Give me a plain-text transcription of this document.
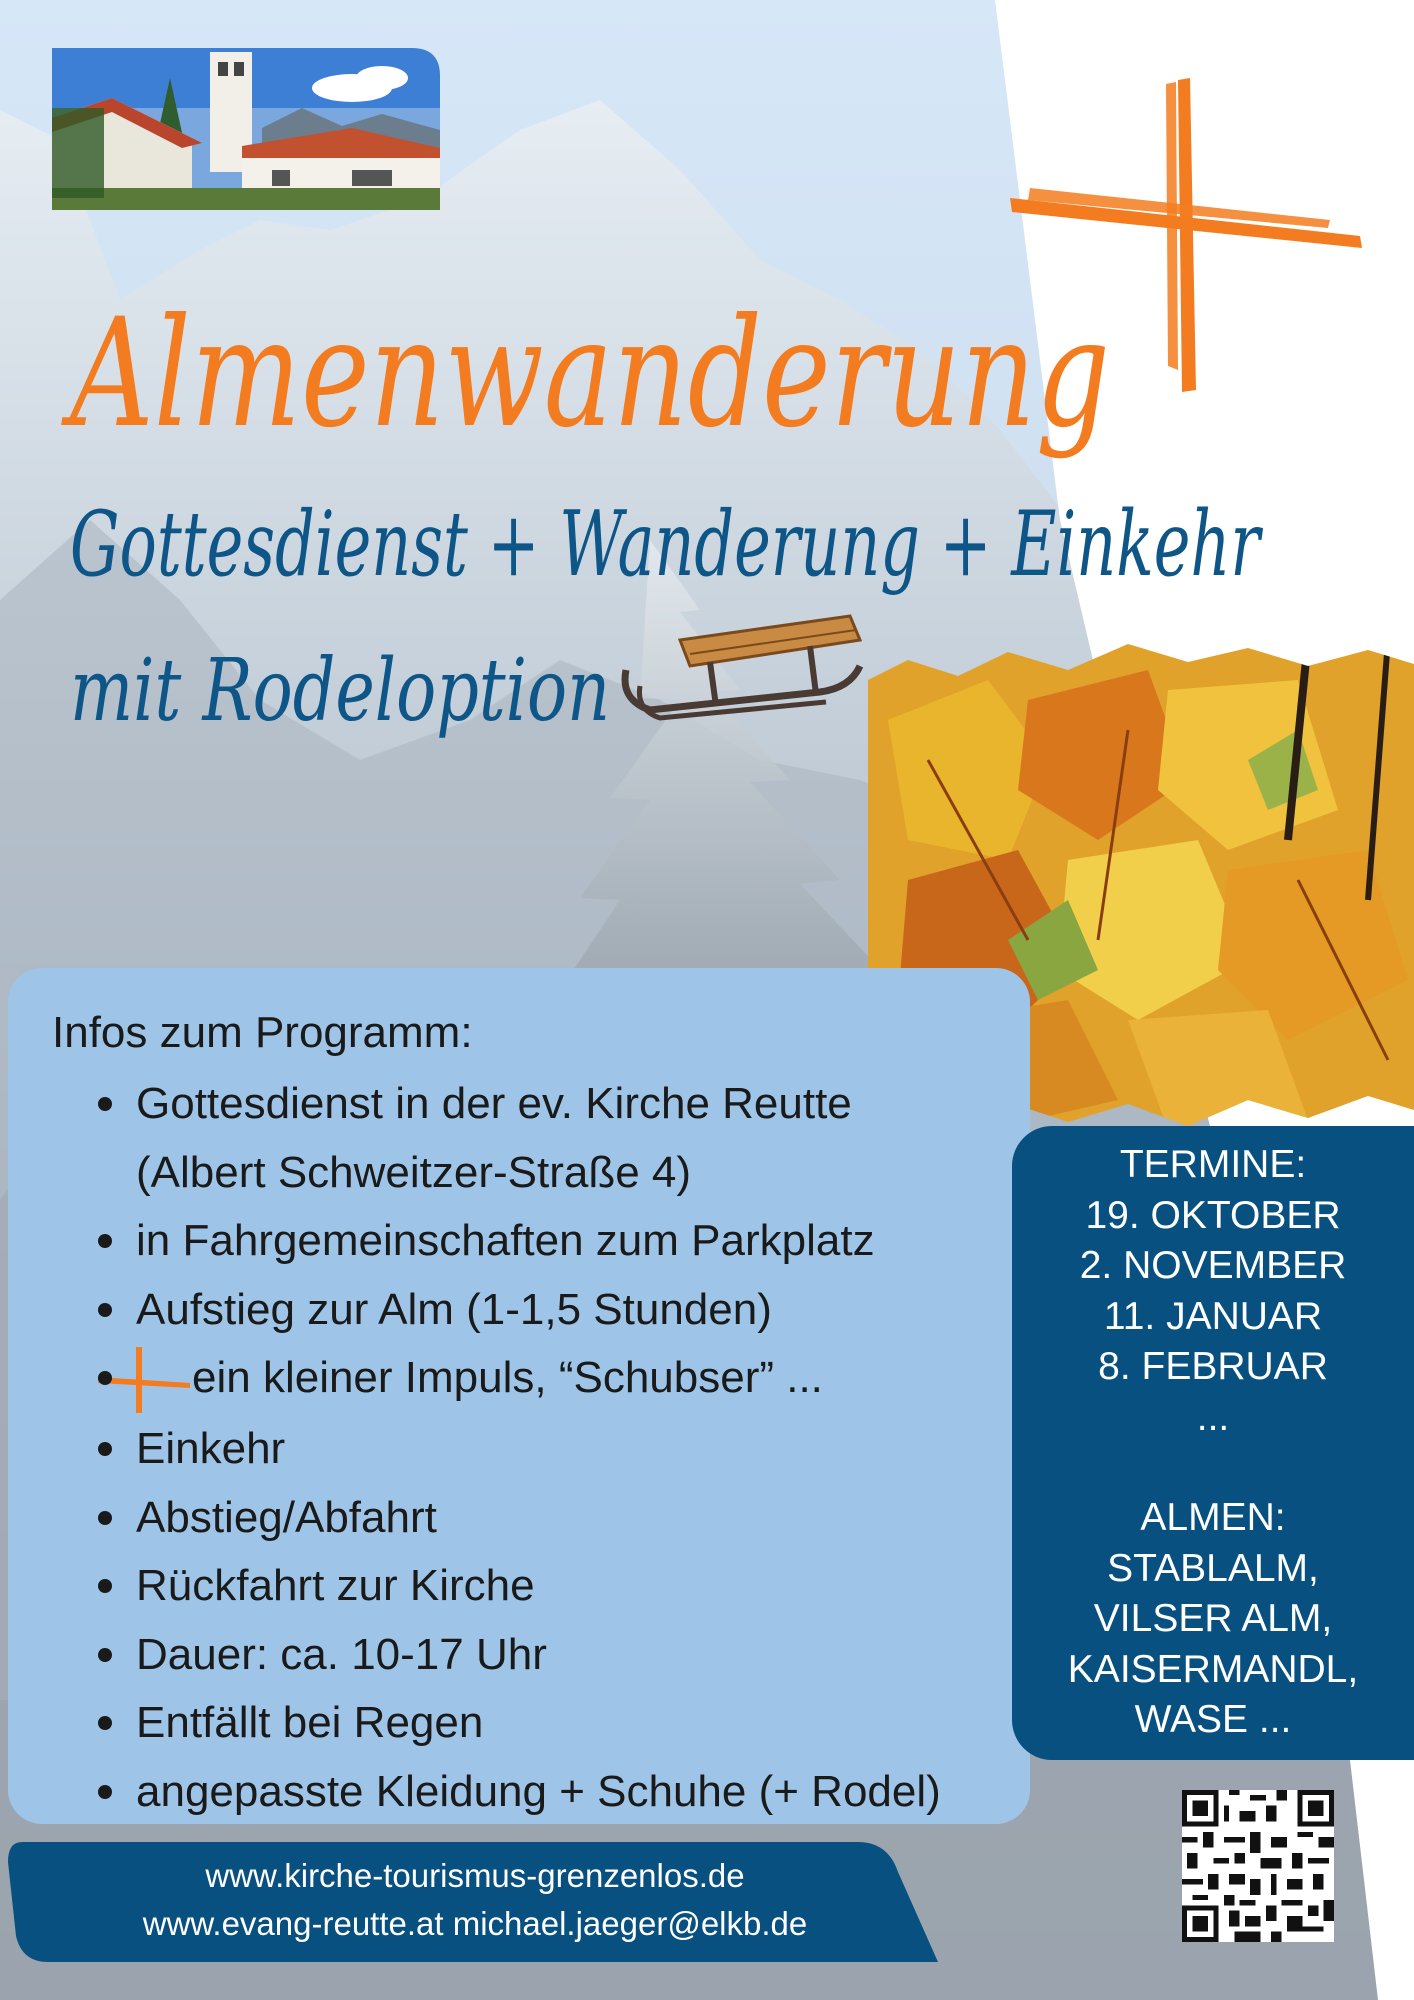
Almenwanderung
Gottesdienst + Wanderung + Einkehr
mit Rodeloption
Infos zum Programm:
Gottesdienst in der ev. Kirche Reutte
(Albert Schweitzer-Straße 4)
in Fahrgemeinschaften zum Parkplatz
Aufstieg zur Alm (1-1,5 Stunden)
ein kleiner Impuls, “Schubser” ...
Einkehr
Abstieg/Abfahrt
Rückfahrt zur Kirche
Dauer: ca. 10-17 Uhr
Entfällt bei Regen
angepasste Kleidung + Schuhe (+ Rodel)
TERMINE:
19. OKTOBER
2. NOVEMBER
11. JANUAR
8. FEBRUAR
...
ALMEN:
STABLALM,
VILSER ALM,
KAISERMANDL,
WASE ...
www.kirche-tourismus-grenzenlos.de
www.evang-reutte.at michael.jaeger@elkb.de
